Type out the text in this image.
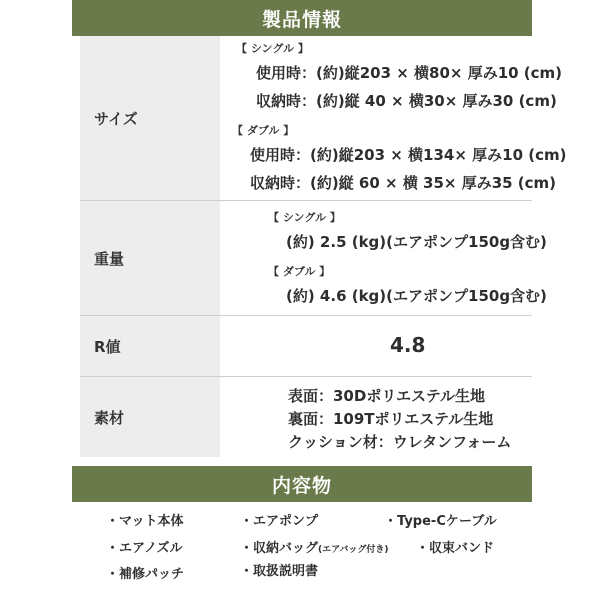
製品情報
サイズ
【 シングル 】
使用時：(約)縦203 × 横80× 厚み10 (cm)
収納時：(約)縦 40 × 横30× 厚み30 (cm)
【 ダブル 】
使用時：(約)縦203 × 横134× 厚み10 (cm)
収納時：(約)縦 60 × 横 35× 厚み35 (cm)
重量
【 シングル 】
(約) 2.5 (kg)(エアポンプ150g含む)
【 ダブル 】
(約) 4.6 (kg)(エアポンプ150g含む)
R値	4.8
素材
表面：30Dポリエステル生地
裏面：109Tポリエステル生地
クッション材：ウレタンフォーム
内容物
・マット本体	・エアポンプ	・Type-Cケーブル
・エアノズル	・収納バッグ(エアバッグ付き) ・収束バンド
・補修パッチ	・取扱説明書
